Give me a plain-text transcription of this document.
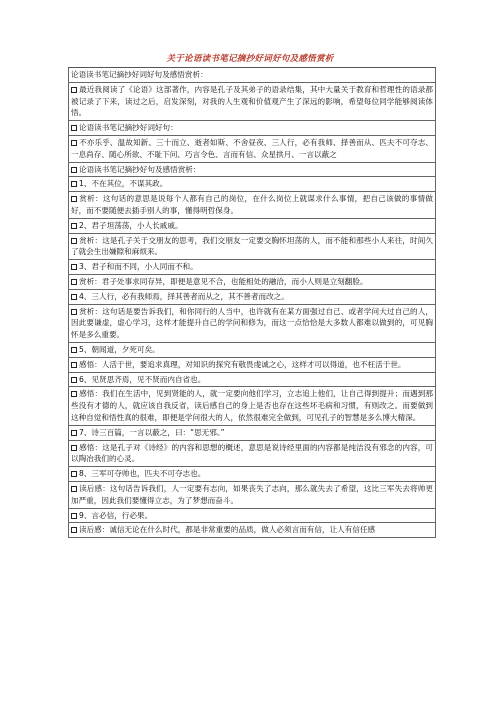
关于论语读书笔记摘抄好词好句及感悟赏析
论语读书笔记摘抄好词好句及感悟赏析：
最近我阅读了《论语》这部著作，内容是孔子及其弟子的语录结集，其中大量关于教育和哲理性的语录都被记录了下来，读过之后，启发深刻，对我的人生观和价值观产生了深远的影响，希望每位同学能够阅读体悟。
论语读书笔记摘抄好词好句：
不亦乐乎、温故知新、三十而立、逝者如斯、不舍昼夜、三人行，必有我师、择善而从、匹夫不可夺志、一息尚存、随心所欲、不耻下问、巧言令色、言而有信、众星拱月、一言以蔽之
论语读书笔记摘抄好句及感悟赏析：
1、不在其位，不谋其政。
赏析：这句话的意思是说每个人都有自己的岗位，在什么岗位上就谋求什么事情，把自己该做的事情做好，而不要随便去插手别人的事，懂得明哲保身。
2、君子坦荡荡，小人长戚戚。
赏析：这是孔子关于交朋友的思考，我们交朋友一定要交胸怀坦荡的人，而不能和那些小人来往，时间久了就会生出嫌隙和麻烦来。
3、君子和而不同，小人同而不和。
赏析：君子处事求同存异，即便是意见不合，也能相处的融洽，而小人则是立刻翻脸。
4、三人行，必有我师焉，择其善者而从之，其不善者而改之。
赏析：这句话是要告诉我们，和你同行的人当中，也许就有在某方面强过自己、或者学问大过自己的人，因此要谦虚，虚心学习，这样才能提升自己的学问和修为，而这一点恰恰是大多数人都难以做到的，可见胸怀是多么重要。
5、朝闻道，夕死可矣。
感悟：人活于世，要追求真理，对知识的探究有敬畏虔诚之心，这样才可以得道，也不枉活于世。
6、见贤思齐焉，见不贤而内自省也。
感悟：我们在生活中，见到贤能的人，就一定要向他们学习，立志追上他们，让自己得到提升；而遇到那些没有才德的人，就应该自我反省，读后感自己的身上是否也存在这些坏毛病和习惯，有则改之。而要做到这种自觉和悟性真的很难，即便是学问很大的人，依然很难完全做到，可见孔子的智慧是多么博大精深。
7、诗三百篇，一言以蔽之，曰：“思无邪。”
感悟：这是孔子对《诗经》的内容和思想的概述，意思是说诗经里面的内容都是纯洁没有邪念的内容，可以陶冶我们的心灵。
8、三军可夺帅也，匹夫不可夺志也。
读后感：这句话告诉我们，人一定要有志向，如果丧失了志向，那么就失去了希望，这比三军失去将帅更加严重，因此我们要懂得立志，为了梦想而奋斗。
9、言必信，行必果。
读后感：诚信无论在什么时代，都是非常重要的品质，做人必须言而有信，让人有信任感
